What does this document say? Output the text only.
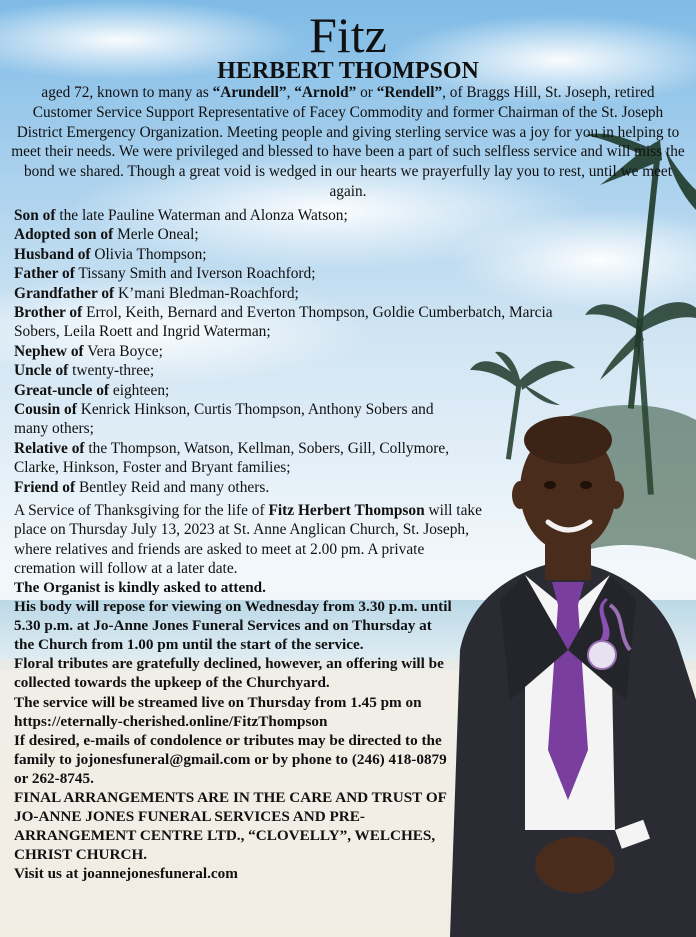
Fitz
HERBERT THOMPSON
aged 72, known to many as “Arundell”, “Arnold” or “Rendell”, of Braggs Hill, St. Joseph, retired Customer Service Support Representative of Facey Commodity and former Chairman of the St. Joseph District Emergency Organization. Meeting people and giving sterling service was a joy for you in helping to meet their needs. We were privileged and blessed to have been a part of such selfless service and will miss the bond we shared. Though a great void is wedged in our hearts we prayerfully lay you to rest, until we meet again.
Son of the late Pauline Waterman and Alonza Watson;
Adopted son of Merle Oneal;
Husband of Olivia Thompson;
Father of Tissany Smith and Iverson Roachford;
Grandfather of K’mani Bledman-Roachford;
Brother of Errol, Keith, Bernard and Everton Thompson, Goldie Cumberbatch, Marcia Sobers, Leila Roett and Ingrid Waterman;
Nephew of Vera Boyce;
Uncle of twenty-three;
Great-uncle of eighteen;
Cousin of Kenrick Hinkson, Curtis Thompson, Anthony Sobers and many others;
Relative of the Thompson, Watson, Kellman, Sobers, Gill, Collymore, Clarke, Hinkson, Foster and Bryant families;
Friend of Bentley Reid and many others.

A Service of Thanksgiving for the life of Fitz Herbert Thompson will take place on Thursday July 13, 2023 at St. Anne Anglican Church, St. Joseph, where relatives and friends are asked to meet at 2.00 pm. A private cremation will follow at a later date.

The Organist is kindly asked to attend.

His body will repose for viewing on Wednesday from 3.30 p.m. until 5.30 p.m. at Jo-Anne Jones Funeral Services and on Thursday at the Church from 1.00 pm until the start of the service.

Floral tributes are gratefully declined, however, an offering will be collected towards the upkeep of the Churchyard.

The service will be streamed live on Thursday from 1.45 pm on https://eternally-cherished.online/FitzThompson

If desired, e-mails of condolence or tributes may be directed to the family to jojonesfuneral@gmail.com or by phone to (246) 418-0879 or 262-8745.

FINAL ARRANGEMENTS ARE IN THE CARE AND TRUST OF JO-ANNE JONES FUNERAL SERVICES AND PRE-ARRANGEMENT CENTRE LTD., “CLOVELLY”, WELCHES, CHRIST CHURCH.

Visit us at joannejonesfuneral.com
